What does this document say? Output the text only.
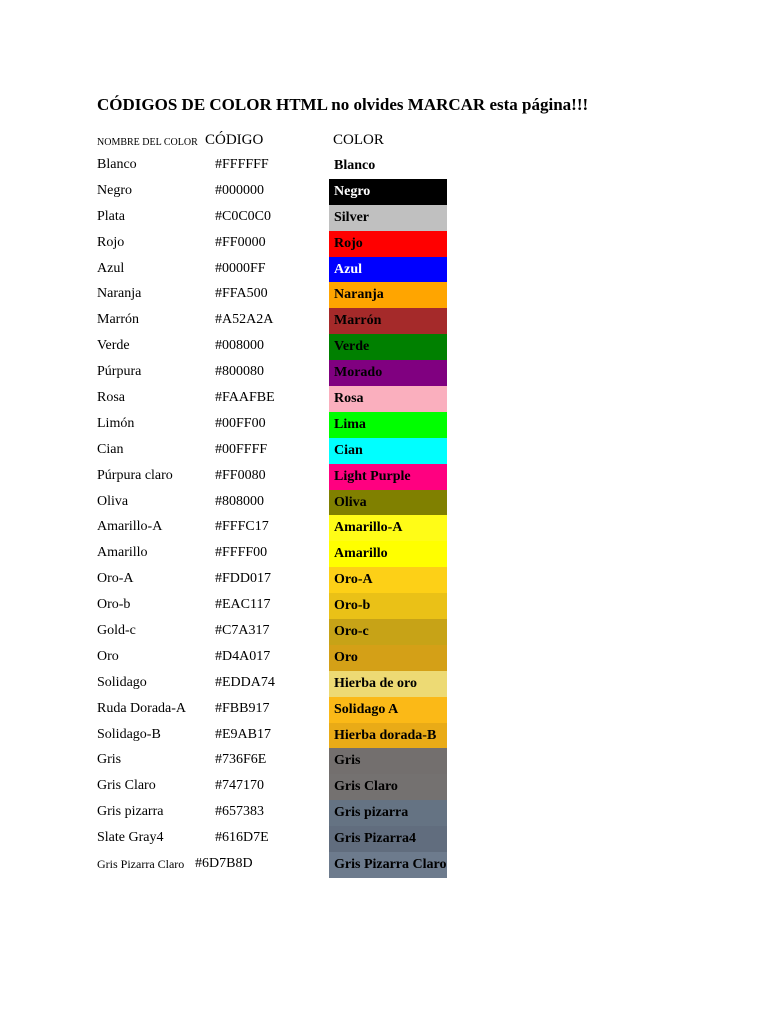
CÓDIGOS DE COLOR HTML no olvides MARCAR esta página!!!
NOMBRE DEL COLOR CÓDIGO	COLOR
Blanco	#FFFFFF	Blanco
Negro	#000000	Negro
Plata	#C0C0C0	Silver
Rojo	#FF0000	Rojo
Azul	#0000FF	Azul
Naranja	#FFA500	Naranja
Marrón	#A52A2A	Marrón
Verde	#008000	Verde
Púrpura	#800080	Morado
Rosa	#FAAFBE	Rosa
Limón	#00FF00	Lima
Cian	#00FFFF	Cian
Púrpura claro	#FF0080	Light Purple
Oliva	#808000	Oliva
Amarillo-A	#FFFC17	Amarillo-A
Amarillo	#FFFF00	Amarillo
Oro-A	#FDD017	Oro-A
Oro-b	#EAC117	Oro-b
Gold-c	#C7A317	Oro-c
Oro	#D4A017	Oro
Solidago	#EDDA74	Hierba de oro
Ruda Dorada-A #FBB917	Solidago A
Solidago-B	#E9AB17	Hierba dorada-B
Gris	#736F6E	Gris
Gris Claro	#747170	Gris Claro
Gris pizarra	#657383	Gris pizarra
Slate Gray4	#616D7E	Gris Pizarra4
Gris Pizarra Claro #6D7B8D	Gris Pizarra Claro
